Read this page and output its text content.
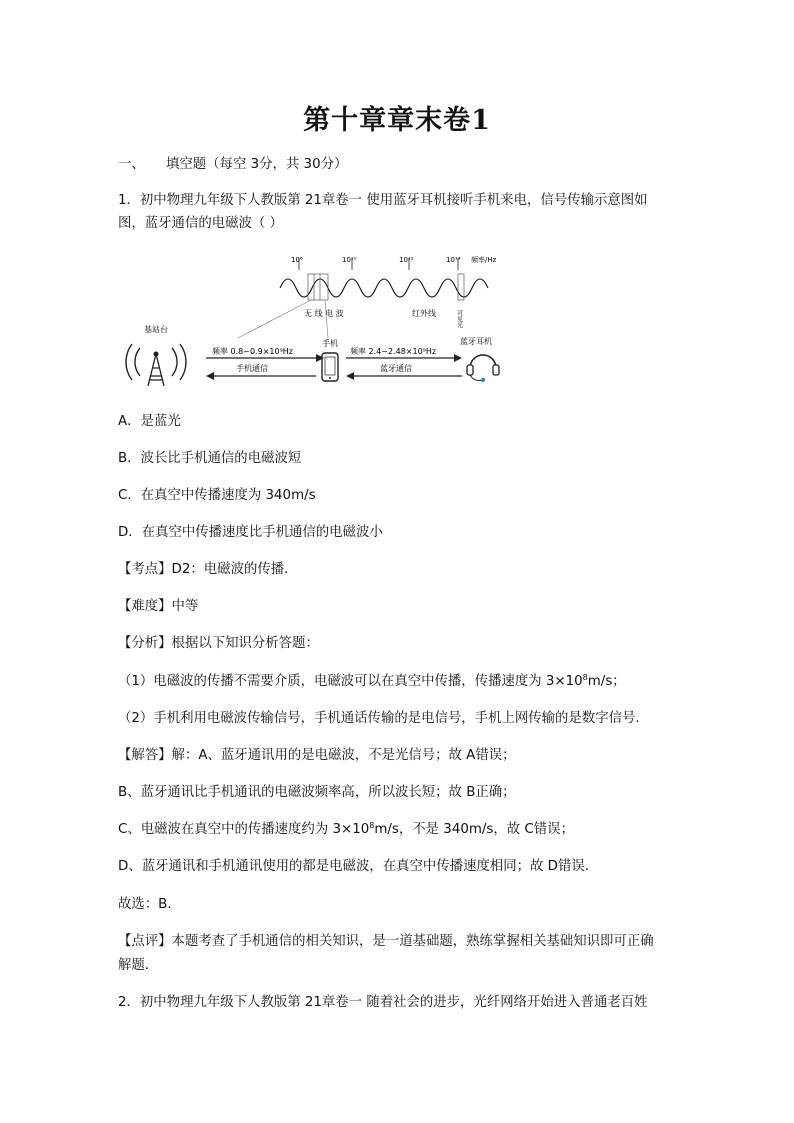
第十章章末卷1
一、 填空题（每空 3分，共 30分）
1．初中物理九年级下人教版第 21章卷一 使用蓝牙耳机接听手机来电，信号传输示意图如
图，蓝牙通信的电磁波（ ）
10⁶	10¹⁰	10¹²	10¹⁴ 频率/Hz
无 线 电 波	红外线	可见光
基站台
手机	蓝牙耳机
频率 0.8~0.9×10⁹Hz
手机通信
频率 2.4~2.48×10⁹Hz
蓝牙通信
A．是蓝光
B．波长比手机通信的电磁波短
C．在真空中传播速度为 340m/s
D．在真空中传播速度比手机通信的电磁波小
【考点】D2：电磁波的传播．
【难度】中等
【分析】根据以下知识分析答题：
（1）电磁波的传播不需要介质，电磁波可以在真空中传播，传播速度为 $3\times 10^8m/s$；
（2）手机利用电磁波传输信号，手机通话传输的是电信号，手机上网传输的是数字信号．
【解答】解：A、蓝牙通讯用的是电磁波，不是光信号；故 A错误；
B、蓝牙通讯比手机通讯的电磁波频率高，所以波长短；故 B正确；
C、电磁波在真空中的传播速度约为 $3\times 10^8m/s$，不是 340m/s，故 C错误；
D、蓝牙通讯和手机通讯使用的都是电磁波，在真空中传播速度相同；故 D错误．
故选：B．
【点评】本题考查了手机通信的相关知识，是一道基础题，熟练掌握相关基础知识即可正确
解题．
2．初中物理九年级下人教版第 21章卷一 随着社会的进步，光纤网络开始进入普通老百姓
